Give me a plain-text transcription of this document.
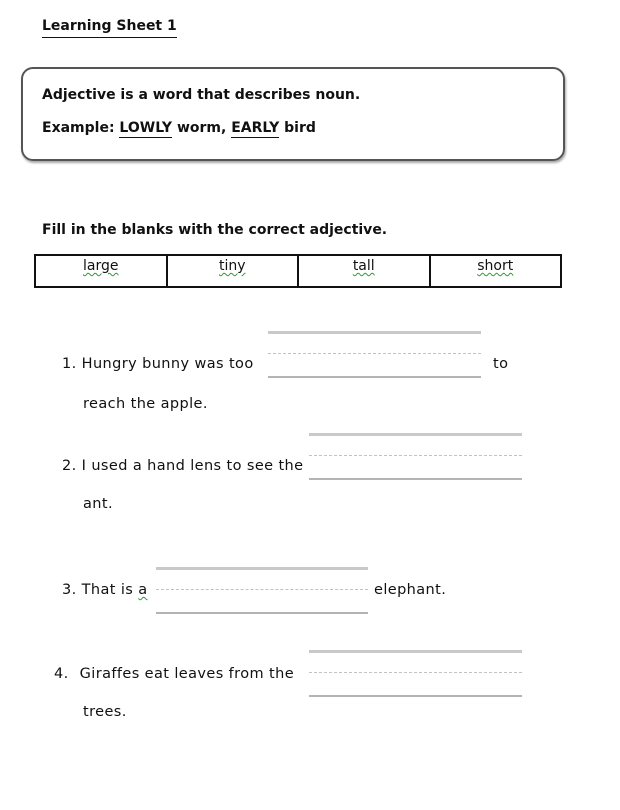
Learning Sheet 1
Adjective is a word that describes noun.
Example: LOWLY worm, EARLY bird
Fill in the blanks with the correct adjective.
large	tiny	tall	short
1. Hungry bunny was too	to
reach the apple.
2. I used a hand lens to see the
ant.
3. That is a	elephant.
4. Giraffes eat leaves from the
trees.
